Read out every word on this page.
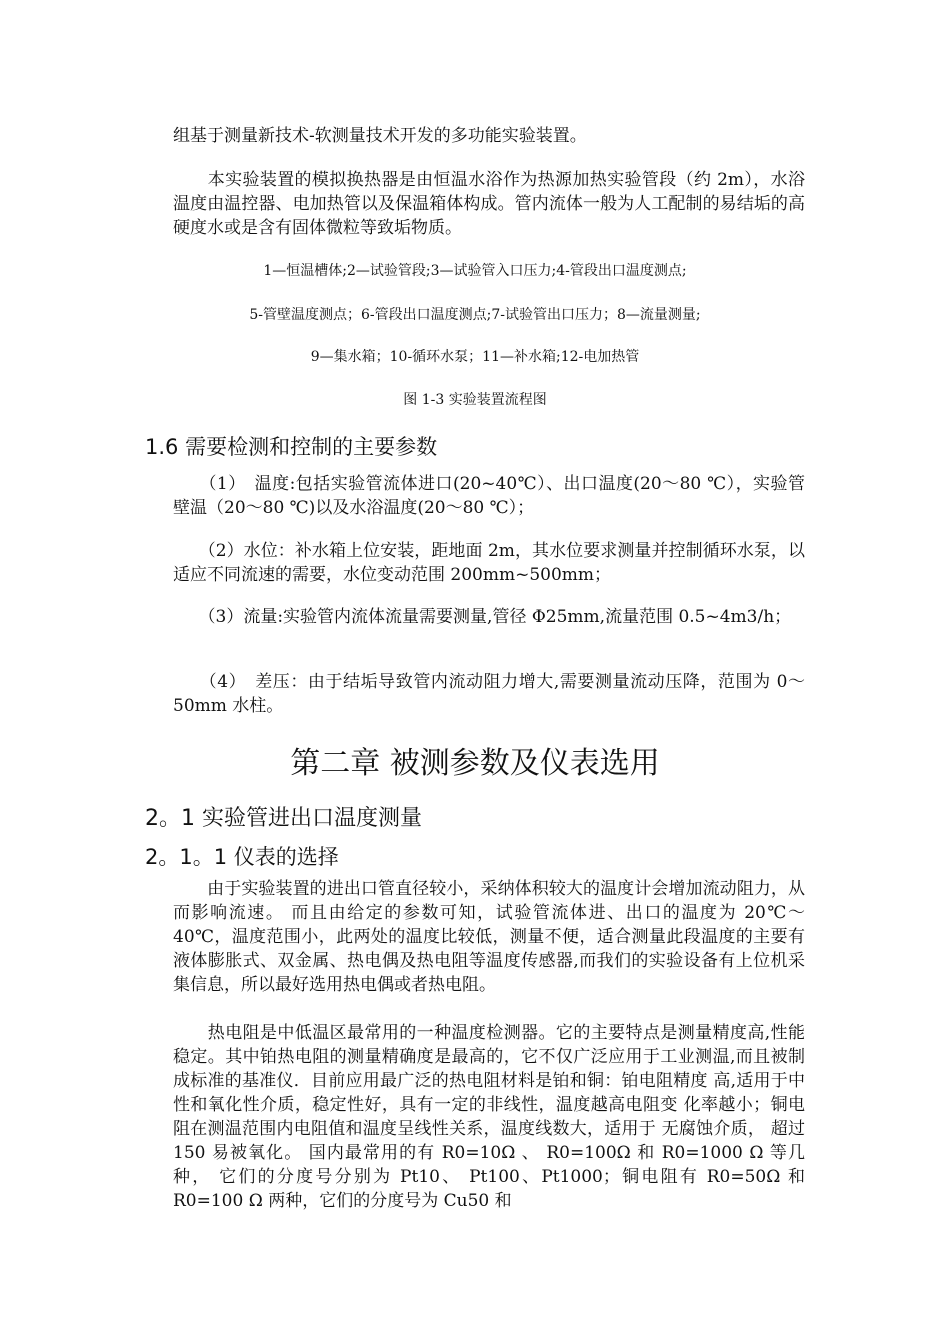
组基于测量新技术-软测量技术开发的多功能实验装置。

　　本实验装置的模拟换热器是由恒温水浴作为热源加热实验管段（约 2m），水浴温度由温控器、电加热管以及保温箱体构成。管内流体一般为人工配制的易结垢的高硬度水或是含有固体微粒等致垢物质。

1—恒温槽体;2—试验管段;3—试验管入口压力;4-管段出口温度测点;

5-管壁温度测点；6-管段出口温度测点;7-试验管出口压力；8—流量测量;

9—集水箱；10-循环水泵；11—补水箱;12-电加热管

图 1-3 实验装置流程图

1.6 需要检测和控制的主要参数

　　（1）　温度:包括实验管流体进口(20~40℃）、出口温度(20～80 ℃），实验管壁温（20～80 ℃)以及水浴温度(20～80 ℃）；

　　（2）水位：补水箱上位安装，距地面 2m，其水位要求测量并控制循环水泵，以适应不同流速的需要，水位变动范围 200mm~500mm；

　　（3）流量:实验管内流体流量需要测量,管径 Φ25mm,流量范围 0.5~4m3/h；

　　（4）　差压：由于结垢导致管内流动阻力增大,需要测量流动压降，范围为 0～50mm 水柱。

第二章 被测参数及仪表选用
2。1 实验管进出口温度测量
2。1。1 仪表的选择

　　由于实验装置的进出口管直径较小，采纳体积较大的温度计会增加流动阻力，从而影响流速。 而且由给定的参数可知，试验管流体进、出口的温度为 20℃～ 40℃，温度范围小，此两处的温度比较低，测量不便，适合测量此段温度的主要有液体膨胀式、双金属、热电偶及热电阻等温度传感器,而我们的实验设备有上位机采集信息，所以最好选用热电偶或者热电阻。

　　热电阻是中低温区最常用的一种温度检测器。它的主要特点是测量精度高,性能稳定。其中铂热电阻的测量精确度是最高的，它不仅广泛应用于工业测温,而且被制成标准的基准仪．目前应用最广泛的热电阻材料是铂和铜：铂电阻精度 高,适用于中性和氧化性介质，稳定性好，具有一定的非线性，温度越高电阻变 化率越小；铜电阻在测温范围内电阻值和温度呈线性关系，温度线数大，适用于 无腐蚀介质， 超过 150 易被氧化。 国内最常用的有 R0=10Ω 、 R0=100Ω 和 R0=1000 Ω 等几种， 它们的分度号分别为 Pt10、 Pt100、Pt1000；铜电阻有 R0=50Ω 和 R0=100 Ω 两种，它们的分度号为 Cu50 和
